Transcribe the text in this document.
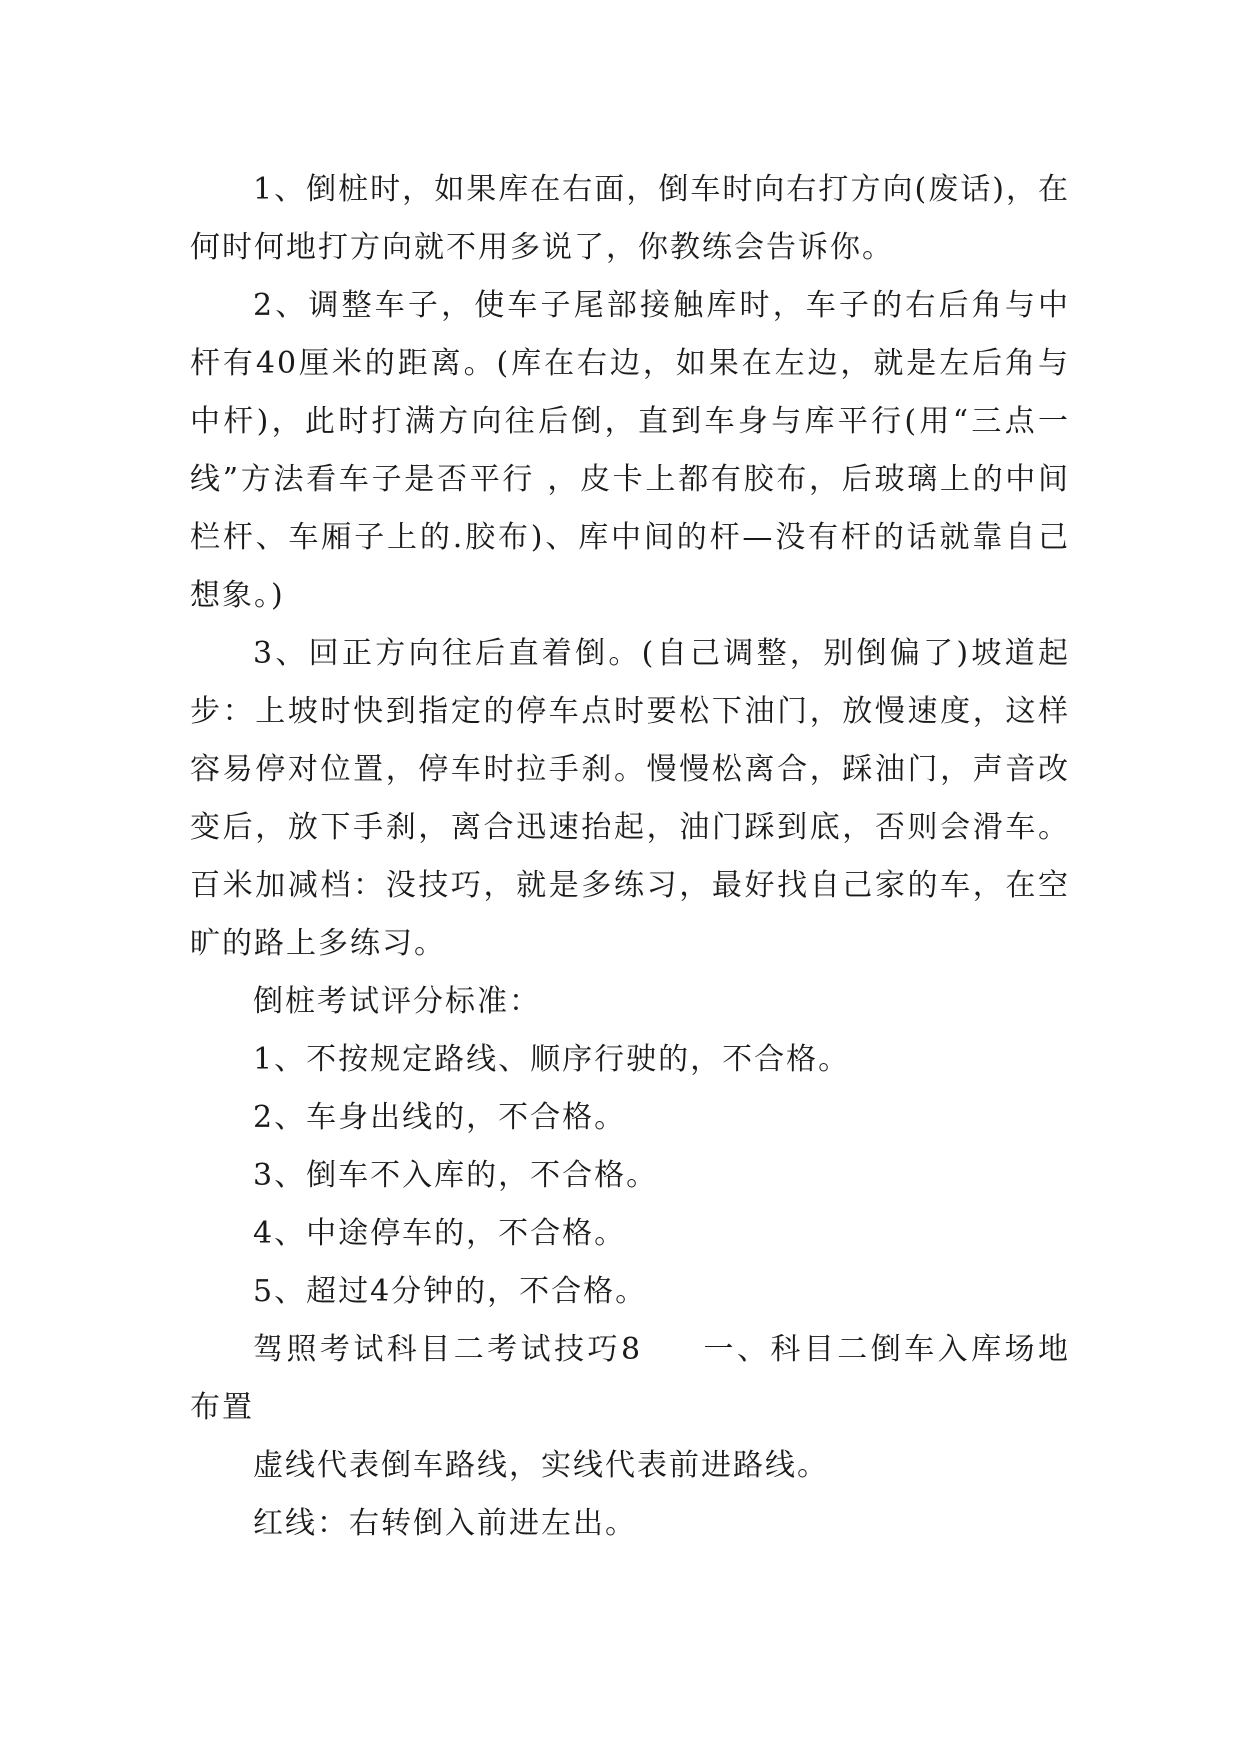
1、倒桩时，如果库在右面，倒车时向右打方向(废话)，在何时何地打方向就不用多说了，你教练会告诉你。

2、调整车子，使车子尾部接触库时，车子的右后角与中杆有40厘米的距离。(库在右边，如果在左边，就是左后角与中杆)，此时打满方向往后倒，直到车身与库平行(用“三点一线”方法看车子是否平行 ，皮卡上都有胶布，后玻璃上的中间栏杆、车厢子上的.胶布)、库中间的杆—没有杆的话就靠自己想象。)

3、回正方向往后直着倒。(自己调整，别倒偏了)坡道起步：上坡时快到指定的停车点时要松下油门，放慢速度，这样容易停对位置，停车时拉手刹。慢慢松离合，踩油门，声音改变后，放下手刹，离合迅速抬起，油门踩到底，否则会滑车。百米加减档：没技巧，就是多练习，最好找自己家的车，在空旷的路上多练习。

倒桩考试评分标准：

1、不按规定路线、顺序行驶的，不合格。

2、车身出线的，不合格。

3、倒车不入库的，不合格。

4、中途停车的，不合格。

5、超过4分钟的，不合格。

驾照考试科目二考试技巧8 一、科目二倒车入库场地布置

虚线代表倒车路线，实线代表前进路线。

红线：右转倒入前进左出。
